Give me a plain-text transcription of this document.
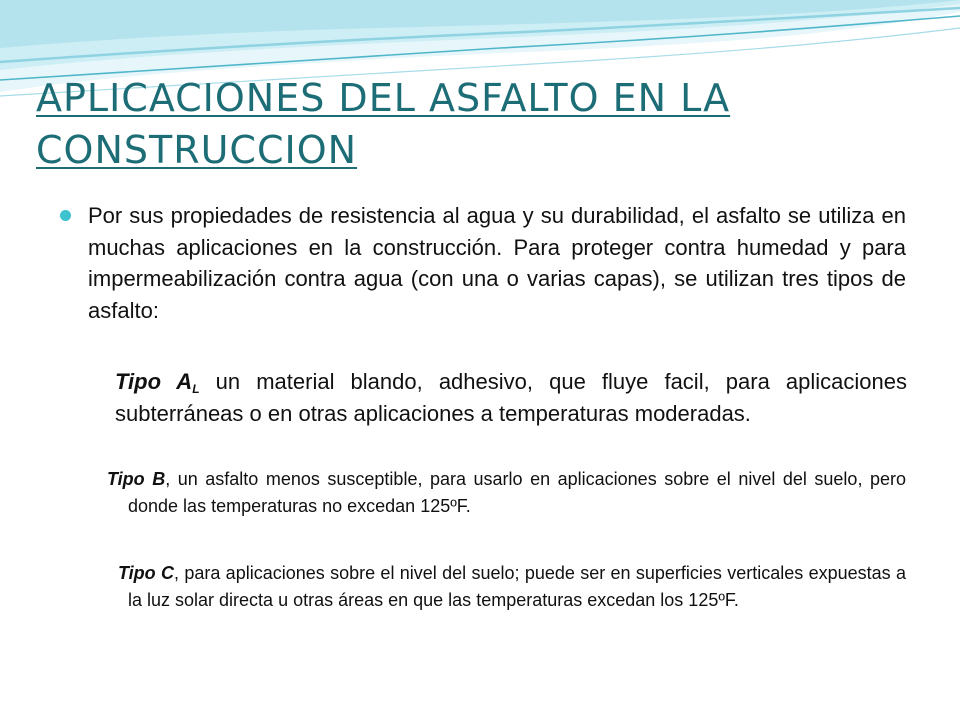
APLICACIONES DEL ASFALTO EN LA CONSTRUCCION

Por sus propiedades de resistencia al agua y su durabilidad, el asfalto se utiliza en muchas aplicaciones en la construcción. Para proteger contra humedad y para impermeabilización contra agua (con una o varias capas), se utilizan tres tipos de asfalto:

Tipo $A_L$ un material blando, adhesivo, que fluye facil, para aplicaciones subterráneas o en otras aplicaciones a temperaturas moderadas.

Tipo B, un asfalto menos susceptible, para usarlo en aplicaciones sobre el nivel del suelo, pero donde las temperaturas no excedan 125ºF.

Tipo C, para aplicaciones sobre el nivel del suelo; puede ser en superficies verticales expuestas a la luz solar directa u otras áreas en que las temperaturas excedan los 125ºF.
